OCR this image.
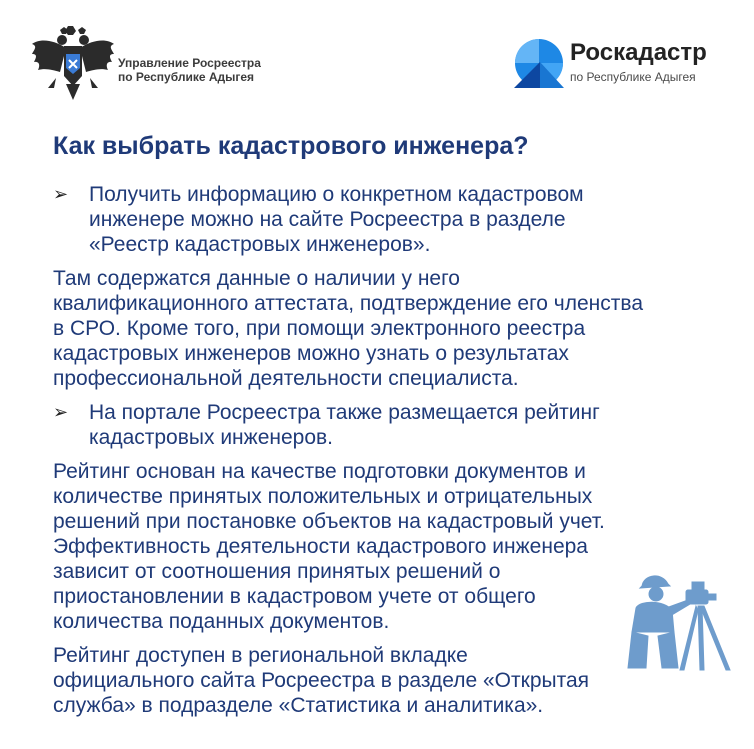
Управление Росреестра
по Республике Адыгея
Роскадастр
по Республике Адыгея
Как выбрать кадастрового инженера?
➢ Получить информацию о конкретном кадастровом
инженере можно на сайте Росреестра в разделе
«Реестр кадастровых инженеров».
Там содержатся данные о наличии у него
квалификационного аттестата, подтверждение его членства
в СРО. Кроме того, при помощи электронного реестра
кадастровых инженеров можно узнать о результатах
профессиональной деятельности специалиста.
➢ На портале Росреестра также размещается рейтинг
кадастровых инженеров.
Рейтинг основан на качестве подготовки документов и
количестве принятых положительных и отрицательных
решений при постановке объектов на кадастровый учет.
Эффективность деятельности кадастрового инженера
зависит от соотношения принятых решений о
приостановлении в кадастровом учете от общего
количества поданных документов.
Рейтинг доступен в региональной вкладке
официального сайта Росреестра в разделе «Открытая
служба» в подразделе «Статистика и аналитика».
